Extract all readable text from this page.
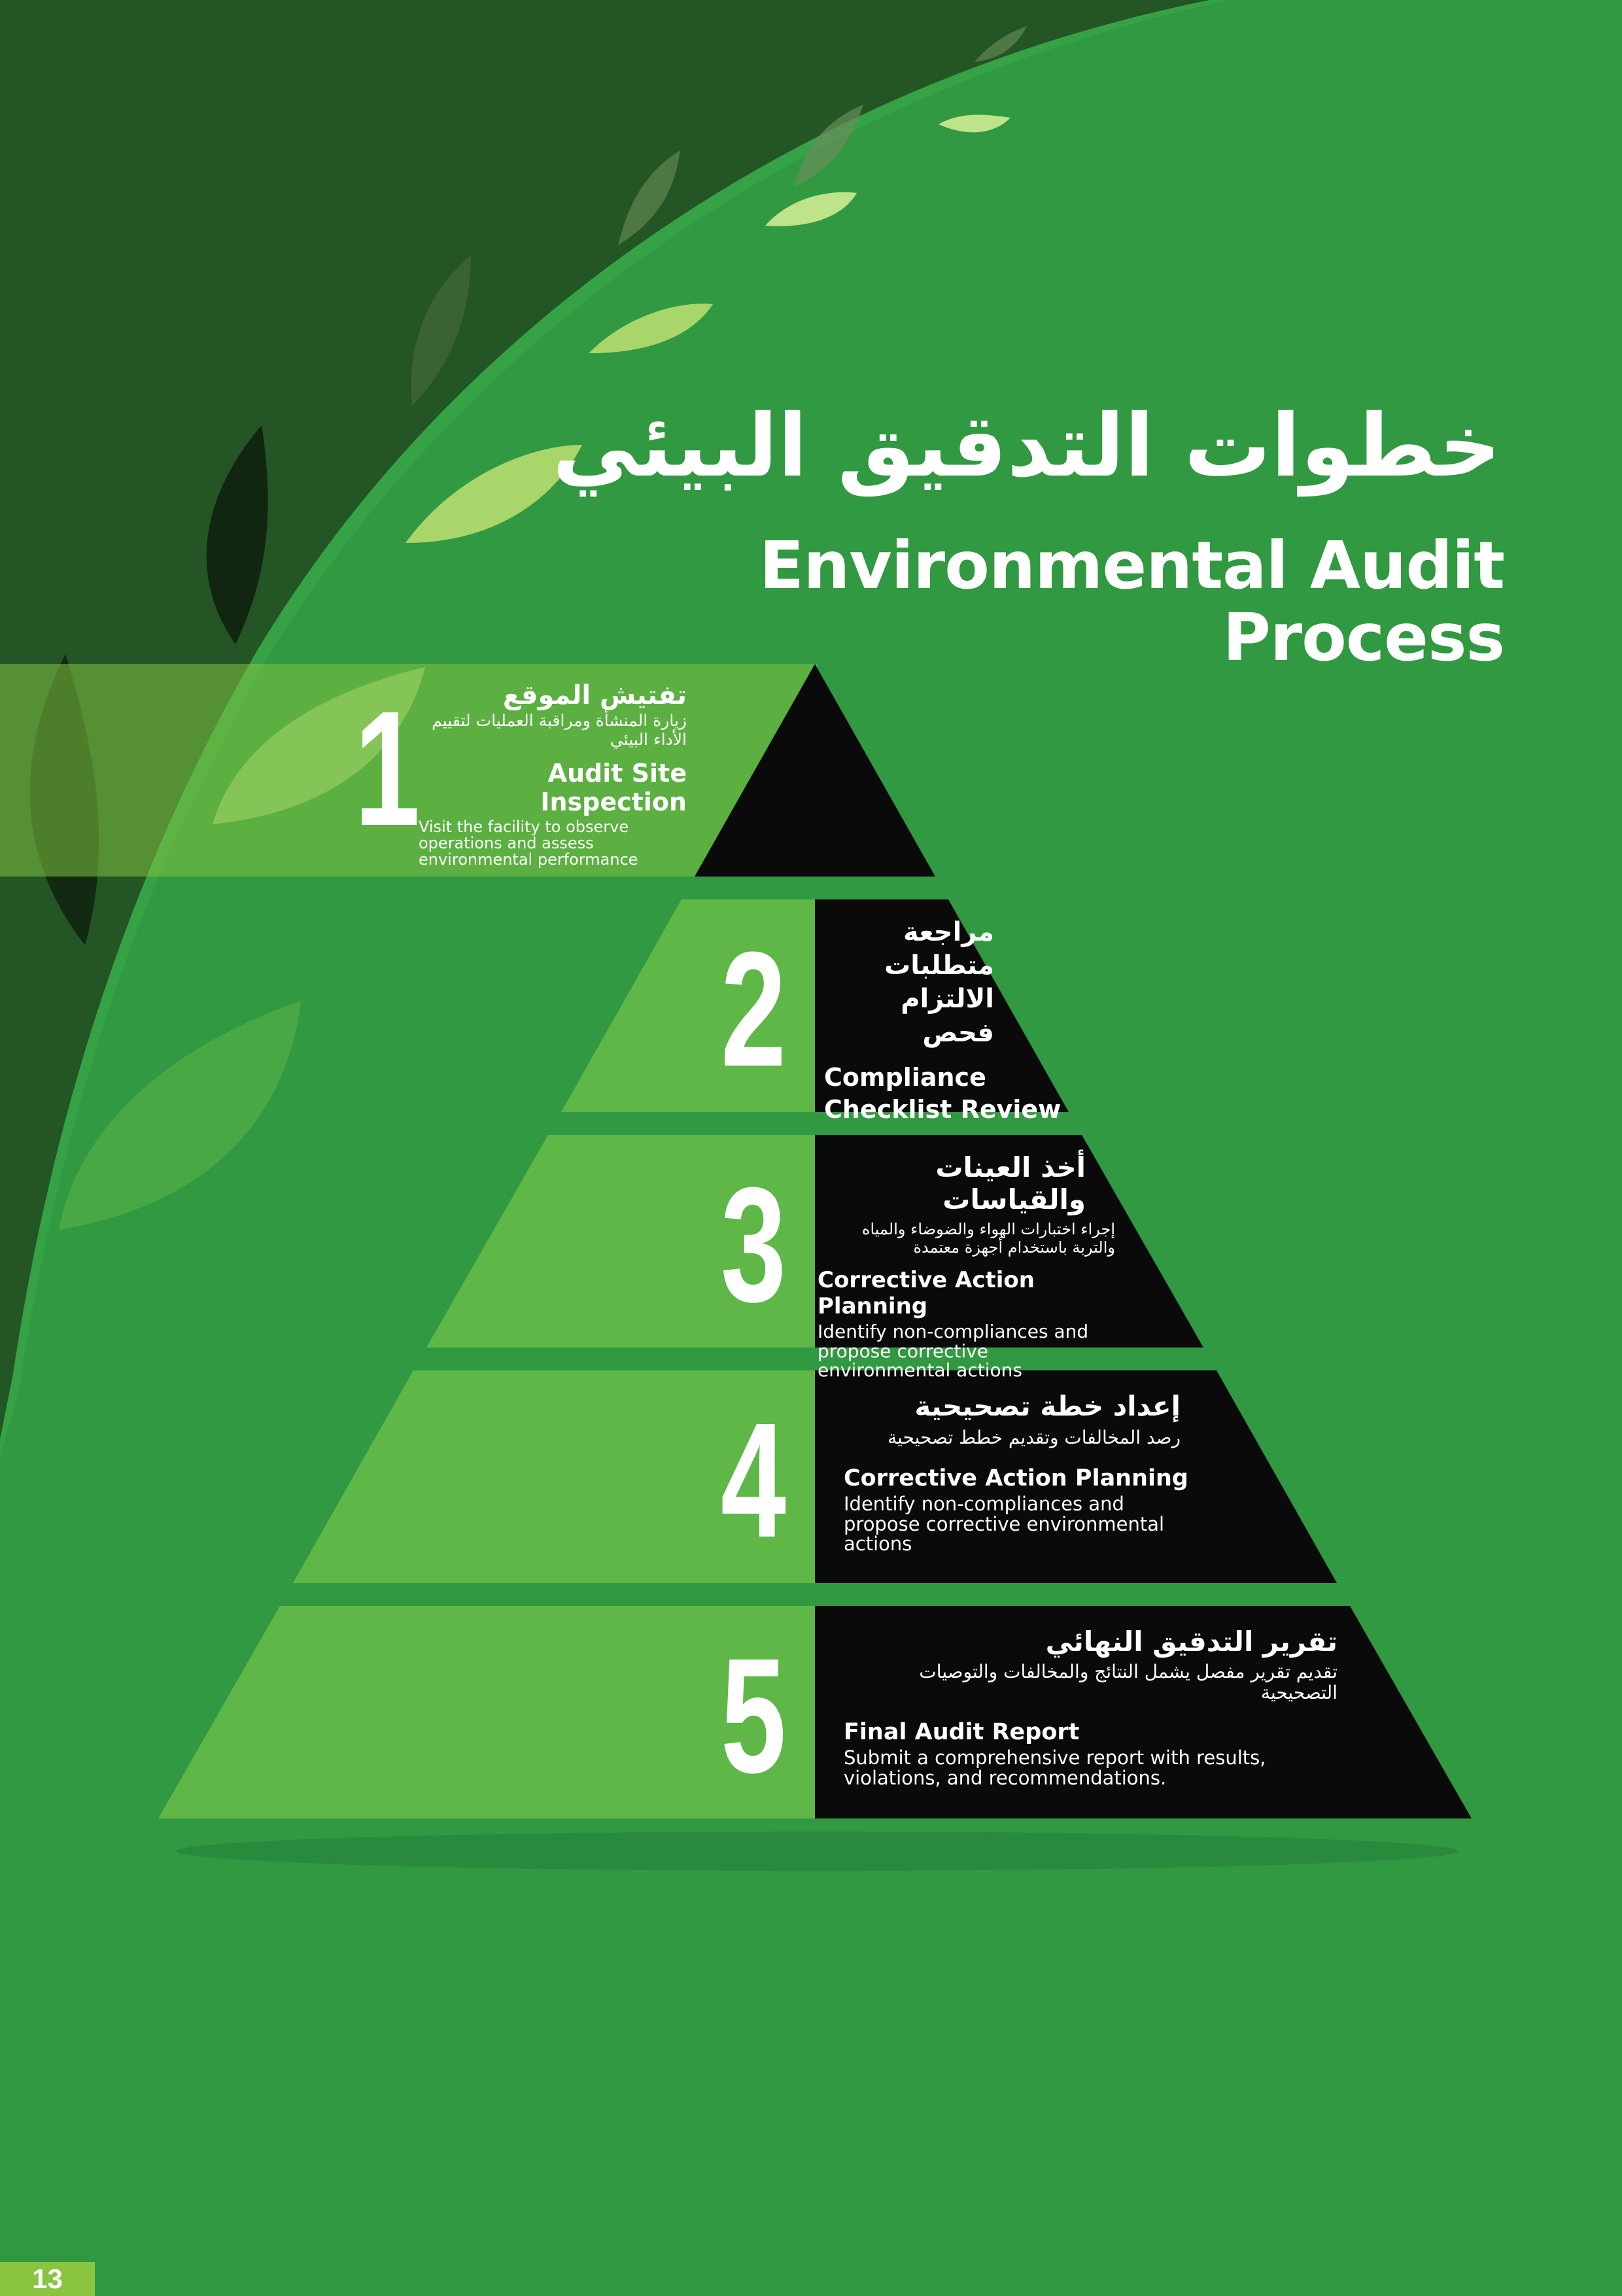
خطوات التدقيق البيئي
Environmental Audit Process
1
2
3
4
5
تفتيش الموقع
زيارة المنشأة ومراقبة العمليات لتقييم الأداء البيئي
Audit Site Inspection
Visit the facility to observe operations and assess environmental performance
مراجعة متطلبات الالتزام فحص
Compliance Checklist Review
أخذ العينات والقياسات
إجراء اختبارات الهواء والضوضاء والمياه والتربة باستخدام أجهزة معتمدة
Corrective Action Planning
Identify non-compliances and propose corrective environmental actions
إعداد خطة تصحيحية
رصد المخالفات وتقديم خطط تصحيحية
Corrective Action Planning
Identify non-compliances and propose corrective environmental actions
تقرير التدقيق النهائي
تقديم تقرير مفصل يشمل النتائج والمخالفات والتوصيات التصحيحية
Final Audit Report
Submit a comprehensive report with results, violations, and recommendations.
13
